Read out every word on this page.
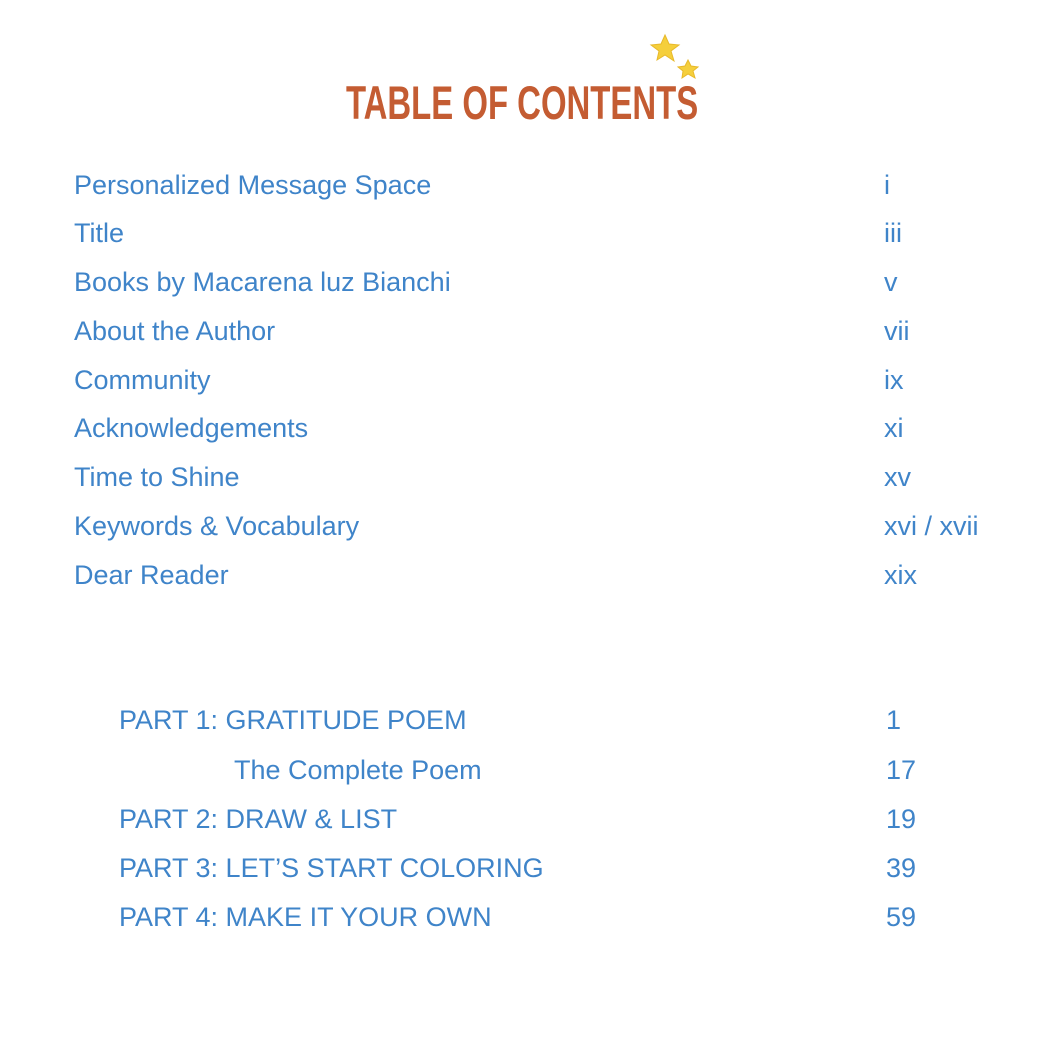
TABLE OF CONTENTS
Personalized Message Space	i
Title	iii
Books by Macarena luz Bianchi	v
About the Author	vii
Community	ix
Acknowledgements	xi
Time to Shine	xv
Keywords & Vocabulary	xvi / xvii
Dear Reader	xix
PART 1: GRATITUDE POEM	1
The Complete Poem	17
PART 2: DRAW & LIST	19
PART 3: LET’S START COLORING	39
PART 4: MAKE IT YOUR OWN	59
